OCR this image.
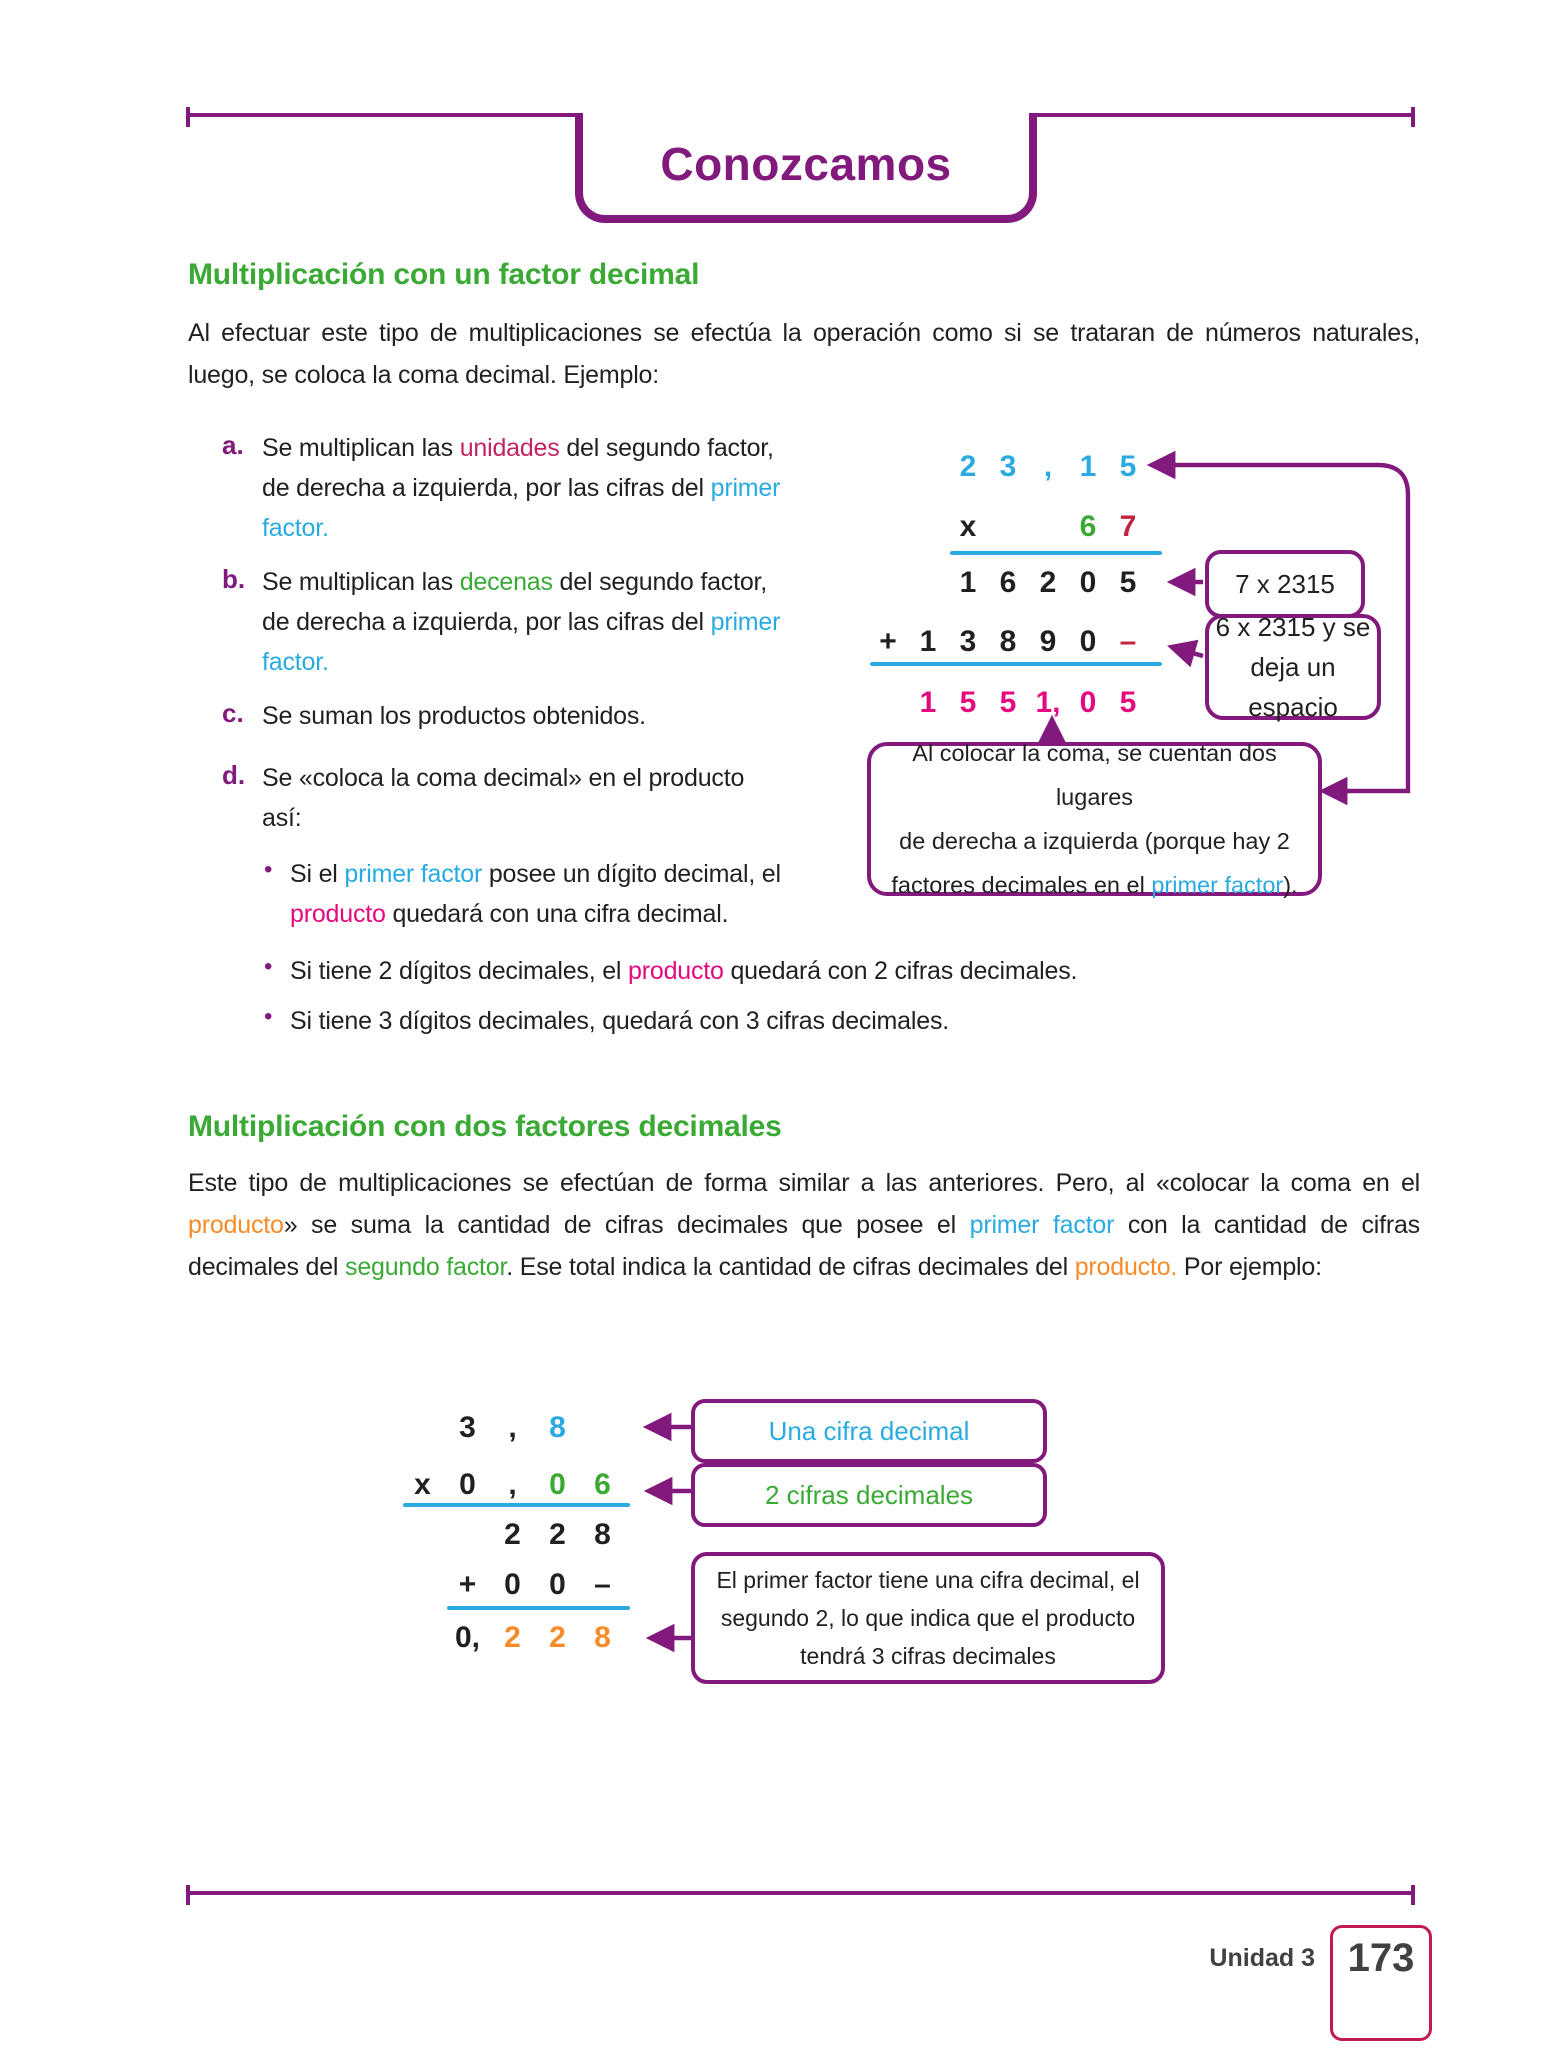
Conozcamos
Multiplicación con un factor decimal
Al efectuar este tipo de multiplicaciones se efectúa la operación como si se trataran de números naturales, luego, se coloca la coma decimal. Ejemplo:
a. Se multiplican las unidades del segundo factor,
de derecha a izquierda, por las cifras del primer
factor.
b. Se multiplican las decenas del segundo factor,
de derecha a izquierda, por las cifras del primer
factor.
c. Se suman los productos obtenidos.
d. Se «coloca la coma decimal» en el producto
así:
• Si el primer factor posee un dígito decimal, el
producto quedará con una cifra decimal.
• Si tiene 2 dígitos decimales, el producto quedará con 2 cifras decimales.
• Si tiene 3 dígitos decimales, quedará con 3 cifras decimales.
2 3 , 1 5
x	6 7
1 6 2 0 5
+ 1 3 8 9 0 –
1 5 5 1, 0 5
7 x 2315
6 x 2315 y se
deja un espacio
Al colocar la coma, se cuentan dos lugares
de derecha a izquierda (porque hay 2
factores decimales en el primer factor).
Multiplicación con dos factores decimales
Este tipo de multiplicaciones se efectúan de forma similar a las anteriores. Pero, al «colocar la coma en el producto» se suma la cantidad de cifras decimales que posee el primer factor con la cantidad de cifras decimales del segundo factor. Ese total indica la cantidad de cifras decimales del producto. Por ejemplo:
3	,	8
x 0	,	0 6
2 2 8
+ 0 0 –
0, 2 2 8
Una cifra decimal
2 cifras decimales
El primer factor tiene una cifra decimal, el
segundo 2, lo que indica que el producto
tendrá 3 cifras decimales
Unidad 3 173
